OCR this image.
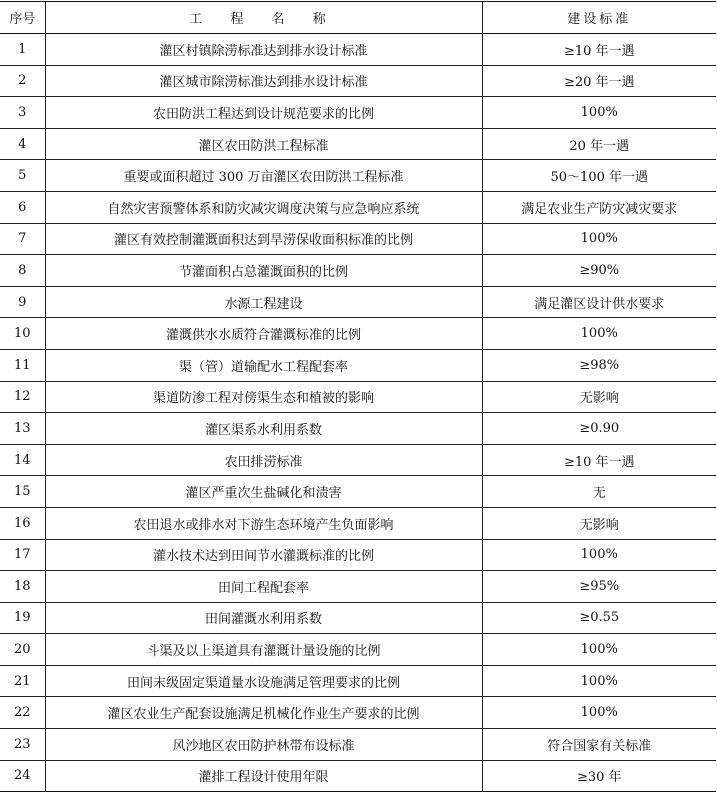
序号	工 程 名 称	建设标准
1	灌区村镇除涝标准达到排水设计标准	≥10 年一遇
2	灌区城市除涝标准达到排水设计标准	≥20 年一遇
3	农田防洪工程达到设计规范要求的比例	100%
4	灌区农田防洪工程标准	20 年一遇
5	重要或面积超过 300 万亩灌区农田防洪工程标准	50～100 年一遇
6	自然灾害预警体系和防灾减灾调度决策与应急响应系统	满足农业生产防灾减灾要求
7	灌区有效控制灌溉面积达到旱涝保收面积标准的比例	100%
8	节灌面积占总灌溉面积的比例	≥90%
9	水源工程建设	满足灌区设计供水要求
10	灌溉供水水质符合灌溉标准的比例	100%
11	渠（管）道输配水工程配套率	≥98%
12	渠道防渗工程对傍渠生态和植被的影响	无影响
13	灌区渠系水利用系数	≥0.90
14	农田排涝标准	≥10 年一遇
15	灌区严重次生盐碱化和渍害	无
16	农田退水或排水对下游生态环境产生负面影响	无影响
17	灌水技术达到田间节水灌溉标准的比例	100%
18	田间工程配套率	≥95%
19	田间灌溉水利用系数	≥0.55
20	斗渠及以上渠道具有灌溉计量设施的比例	100%
21	田间末级固定渠道量水设施满足管理要求的比例	100%
22	灌区农业生产配套设施满足机械化作业生产要求的比例	100%
23	风沙地区农田防护林带布设标准	符合国家有关标准
24	灌排工程设计使用年限	≥30 年
